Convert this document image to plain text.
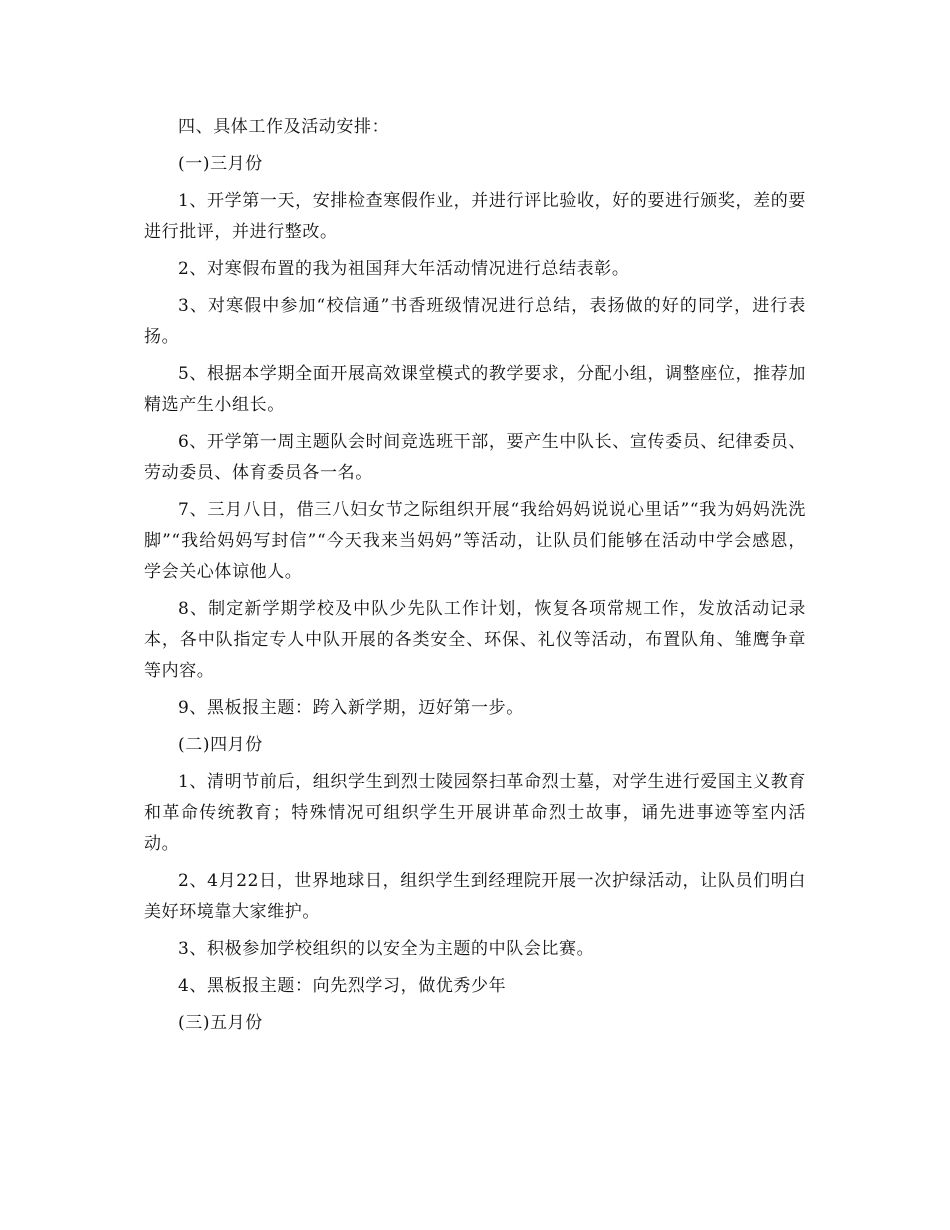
四、具体工作及活动安排：

(一)三月份

1、开学第一天，安排检查寒假作业，并进行评比验收，好的要进行颁奖，差的要进行批评，并进行整改。

2、对寒假布置的我为祖国拜大年活动情况进行总结表彰。

3、对寒假中参加“校信通”书香班级情况进行总结，表扬做的好的同学，进行表扬。

5、根据本学期全面开展高效课堂模式的教学要求，分配小组，调整座位，推荐加精选产生小组长。

6、开学第一周主题队会时间竞选班干部，要产生中队长、宣传委员、纪律委员、劳动委员、体育委员各一名。

7、三月八日，借三八妇女节之际组织开展“我给妈妈说说心里话”“我为妈妈洗洗脚”“我给妈妈写封信”“今天我来当妈妈”等活动，让队员们能够在活动中学会感恩，学会关心体谅他人。

8、制定新学期学校及中队少先队工作计划，恢复各项常规工作，发放活动记录本，各中队指定专人中队开展的各类安全、环保、礼仪等活动，布置队角、雏鹰争章等内容。

9、黑板报主题：跨入新学期，迈好第一步。

(二)四月份

1、清明节前后，组织学生到烈士陵园祭扫革命烈士墓，对学生进行爱国主义教育和革命传统教育；特殊情况可组织学生开展讲革命烈士故事，诵先进事迹等室内活动。

2、4月22日，世界地球日，组织学生到经理院开展一次护绿活动，让队员们明白美好环境靠大家维护。

3、积极参加学校组织的以安全为主题的中队会比赛。

4、黑板报主题：向先烈学习，做优秀少年

(三)五月份
